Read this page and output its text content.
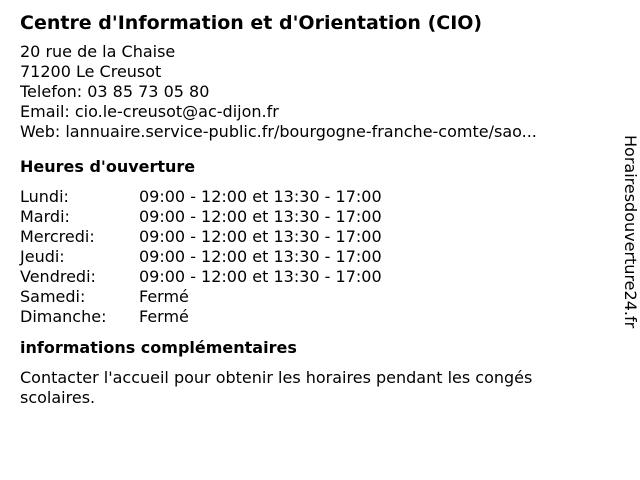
Centre d'Information et d'Orientation (CIO)
20 rue de la Chaise
71200 Le Creusot
Telefon: 03 85 73 05 80
Email: cio.le-creusot@ac-dijon.fr
Web: lannuaire.service-public.fr/bourgogne-franche-comte/sao...
Heures d'ouverture
Lundi:	09:00 - 12:00 et 13:30 - 17:00
Mardi:	09:00 - 12:00 et 13:30 - 17:00
Mercredi:	09:00 - 12:00 et 13:30 - 17:00
Jeudi:	09:00 - 12:00 et 13:30 - 17:00
Vendredi:	09:00 - 12:00 et 13:30 - 17:00
Samedi:	Fermé
Dimanche:	Fermé
informations complémentaires
Contacter l'accueil pour obtenir les horaires pendant les congés scolaires.
Horairesdouverture24.fr
